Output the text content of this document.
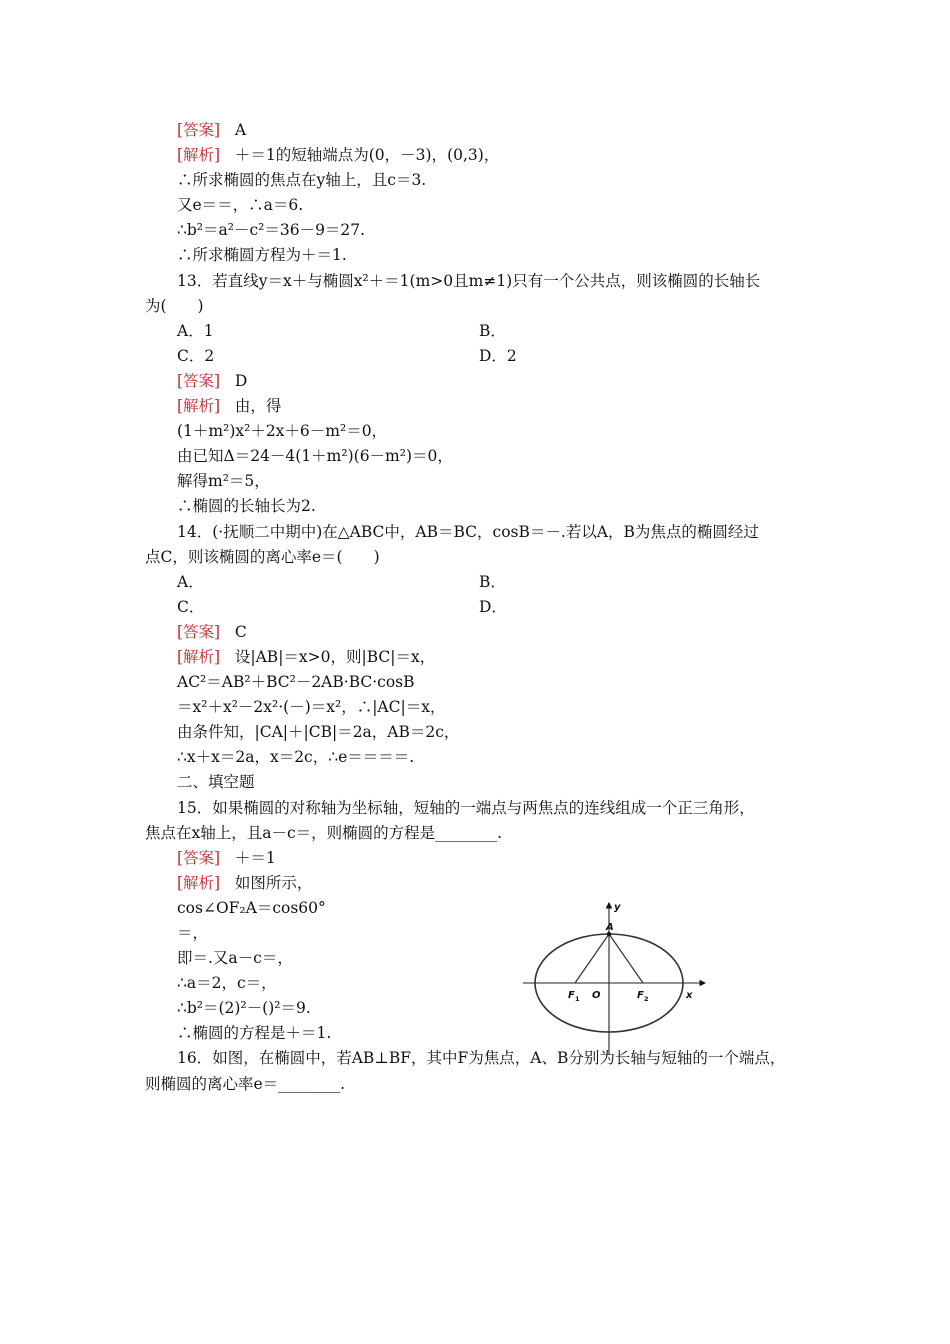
[答案] A
[解析] ＋＝1的短轴端点为(0，－3)，(0,3)，
∴所求椭圆的焦点在y轴上，且c＝3.
又e＝＝，∴a＝6.
∴b²＝a²－c²＝36－9＝27.
∴所求椭圆方程为＋＝1.
13．若直线y＝x＋与椭圆x²＋＝1(m>0且m≠1)只有一个公共点，则该椭圆的长轴长
为(　　)
A．1	B．
C．2	D．2
[答案] D
[解析] 由，得
(1＋m²)x²＋2x＋6－m²＝0，
由已知Δ＝24－4(1＋m²)(6－m²)＝0，
解得m²＝5，
∴椭圆的长轴长为2.
14．(·抚顺二中期中)在△ABC中，AB＝BC，cosB＝－.若以A，B为焦点的椭圆经过
点C，则该椭圆的离心率e＝(　　)
A．	B．
C．	D．
[答案] C
[解析] 设|AB|＝x>0，则|BC|＝x，
AC²＝AB²＋BC²－2AB·BC·cosB
＝x²＋x²－2x²·(－)＝x²，∴|AC|＝x，
由条件知，|CA|＋|CB|＝2a，AB＝2c，
∴x＋x＝2a，x＝2c，∴e＝＝＝＝.
二、填空题
15．如果椭圆的对称轴为坐标轴，短轴的一端点与两焦点的连线组成一个正三角形，
焦点在x轴上，且a－c＝，则椭圆的方程是________.
[答案] ＋＝1
[解析] 如图所示，
cos∠OF₂A＝cos60°
＝，
即＝.又a－c＝，
∴a＝2，c＝，
∴b²＝(2)²－()²＝9.
∴椭圆的方程是＋＝1.
16．如图，在椭圆中，若AB⊥BF，其中F为焦点，A、B分别为长轴与短轴的一个端点，
则椭圆的离心率e＝________.
y
x
A
O
F 1	F 2
